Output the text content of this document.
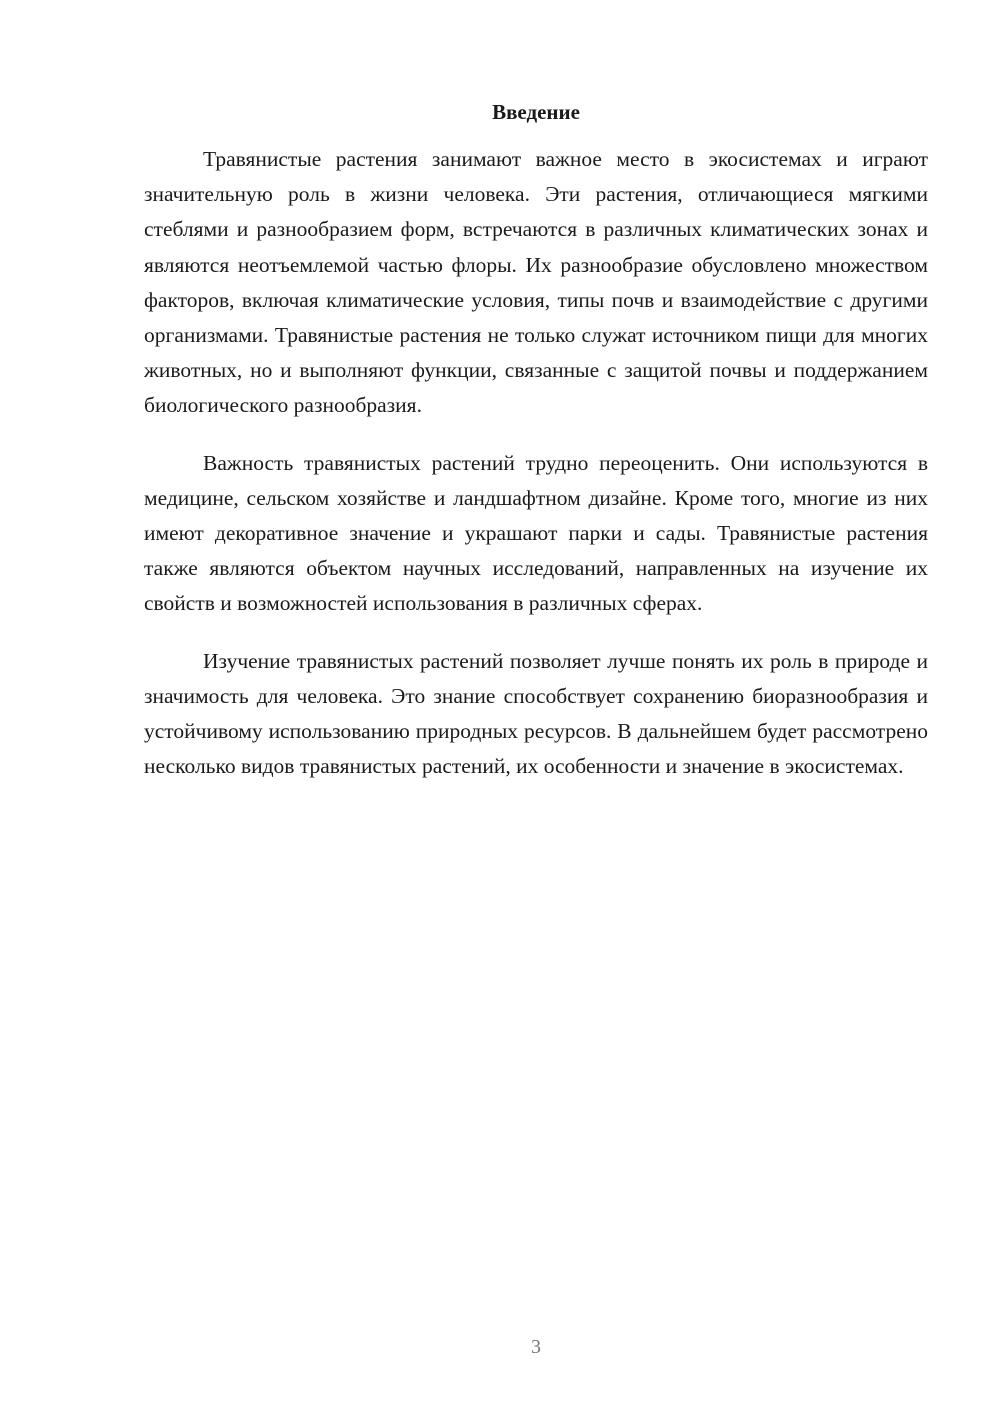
Введение

Травянистые растения занимают важное место в экосистемах и играют значительную роль в жизни человека. Эти растения, отличающиеся мягкими стеблями и разнообразием форм, встречаются в различных климатических зонах и являются неотъемлемой частью флоры. Их разнообразие обусловлено множеством факторов, включая климатические условия, типы почв и взаимодействие с другими организмами. Травянистые растения не только служат источником пищи для многих животных, но и выполняют функции, связанные с защитой почвы и поддержанием биологического разнообразия.

Важность травянистых растений трудно переоценить. Они используются в медицине, сельском хозяйстве и ландшафтном дизайне. Кроме того, многие из них имеют декоративное значение и украшают парки и сады. Травянистые растения также являются объектом научных исследований, направленных на изучение их свойств и возможностей использования в различных сферах.

Изучение травянистых растений позволяет лучше понять их роль в природе и значимость для человека. Это знание способствует сохранению биоразнообразия и устойчивому использованию природных ресурсов. В дальнейшем будет рассмотрено несколько видов травянистых растений, их особенности и значение в экосистемах.

3
